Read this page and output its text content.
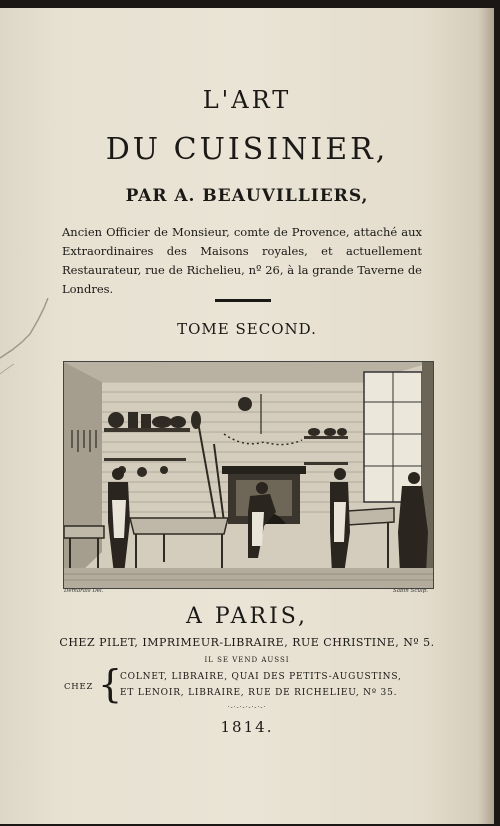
L'ART
DU CUISINIER,
PAR A. BEAUVILLIERS,
Ancien Officier de Monsieur, comte de Provence, attaché aux Extraordinaires des Maisons royales, et actuellement Restaurateur, rue de Richelieu, nº 26, à la grande Taverne de Londres.
TOME SECOND.
Demarais Del.	Sabin Sculp.
A PARIS,
CHEZ PILET, IMPRIMEUR-LIBRAIRE, RUE CHRISTINE, Nº 5.
IL SE VEND AUSSI
CHEZ {
COLNET, LIBRAIRE, QUAI DES PETITS-AUGUSTINS,
ET LENOIR, LIBRAIRE, RUE DE RICHELIEU, Nº 35.
·-·-·-·-·-·-·
1814.
